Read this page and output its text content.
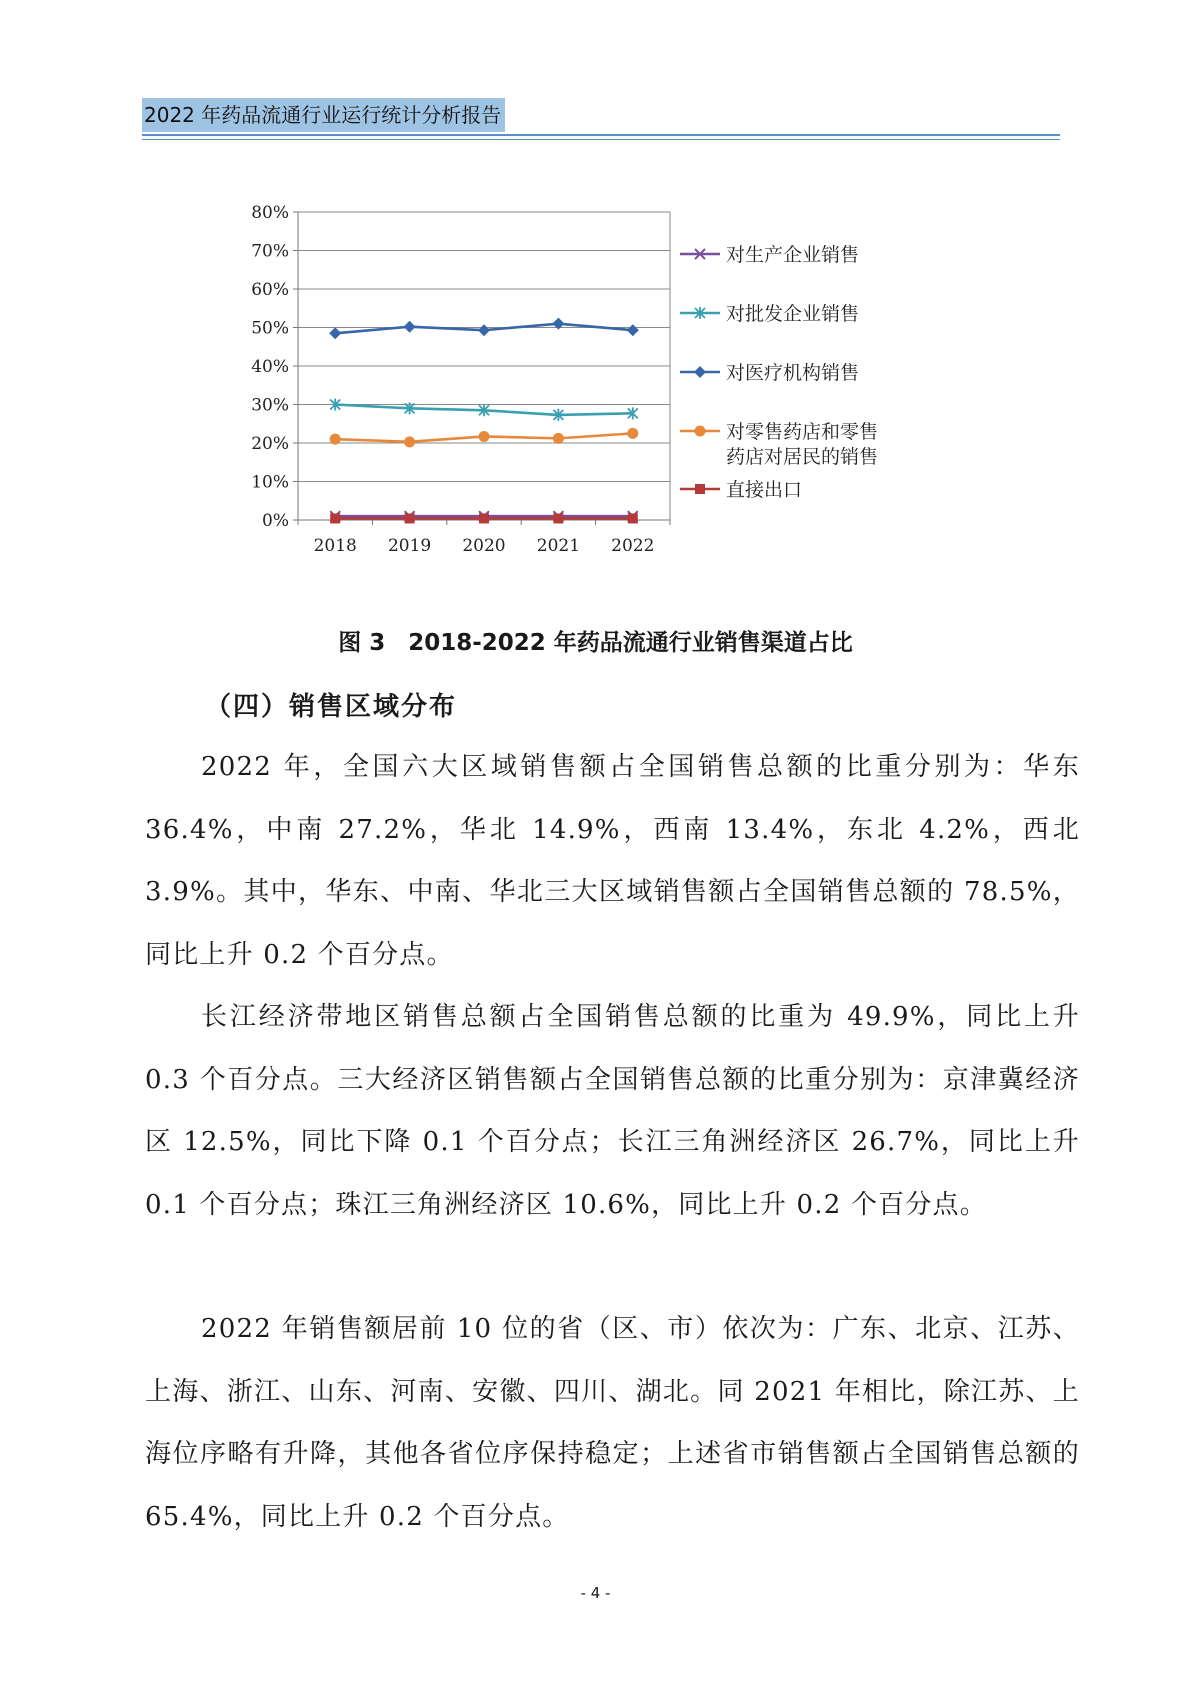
2022 年药品流通行业运行统计分析报告
0%
10%
20%
30%
40%
50%
60%
70%
80%
2018 2019 2020 2021 2022
对生产企业销售
对批发企业销售
对医疗机构销售
对零售药店和零售
药店对居民的销售
直接出口
图 3　2018-2022 年药品流通行业销售渠道占比
（四）销售区域分布

2022 年，全国六大区域销售额占全国销售总额的比重分别为：华东 36.4%，中南 27.2%，华北 14.9%，西南 13.4%，东北 4.2%，西北 3.9%。其中，华东、中南、华北三大区域销售额占全国销售总额的 78.5%，同比上升 0.2 个百分点。

长江经济带地区销售总额占全国销售总额的比重为 49.9%，同比上升 0.3 个百分点。三大经济区销售额占全国销售总额的比重分别为：京津冀经济区 12.5%，同比下降 0.1 个百分点；长江三角洲经济区 26.7%，同比上升 0.1 个百分点；珠江三角洲经济区 10.6%，同比上升 0.2 个百分点。

2022 年销售额居前 10 位的省（区、市）依次为：广东、北京、江苏、上海、浙江、山东、河南、安徽、四川、湖北。同 2021 年相比，除江苏、上海位序略有升降，其他各省位序保持稳定；上述省市销售额占全国销售总额的 65.4%，同比上升 0.2 个百分点。

- 4 -
